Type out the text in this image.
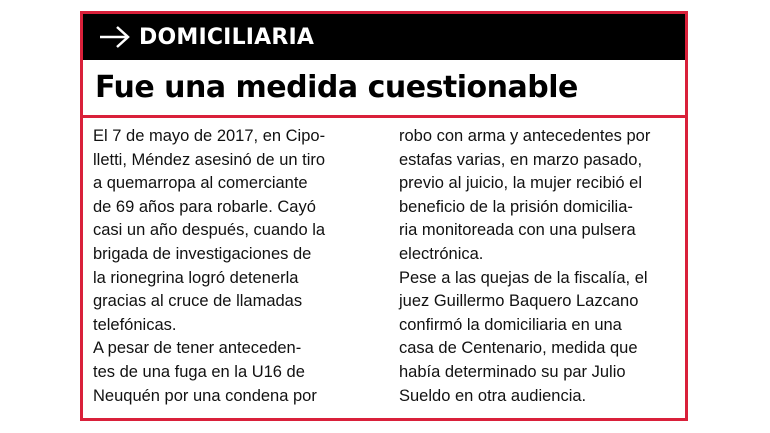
DOMICILIARIA
Fue una medida cuestionable
El 7 de mayo de 2017, en Cipo-
lletti, Méndez asesinó de un tiro
a quemarropa al comerciante
de 69 años para robarle. Cayó
casi un año después, cuando la
brigada de investigaciones de
la rionegrina logró detenerla
gracias al cruce de llamadas
telefónicas.
A pesar de tener anteceden-
tes de una fuga en la U16 de
Neuquén por una condena por
robo con arma y antecedentes por
estafas varias, en marzo pasado,
previo al juicio, la mujer recibió el
beneficio de la prisión domicilia-
ria monitoreada con una pulsera
electrónica.
Pese a las quejas de la fiscalía, el
juez Guillermo Baquero Lazcano
confirmó la domiciliaria en una
casa de Centenario, medida que
había determinado su par Julio
Sueldo en otra audiencia.
